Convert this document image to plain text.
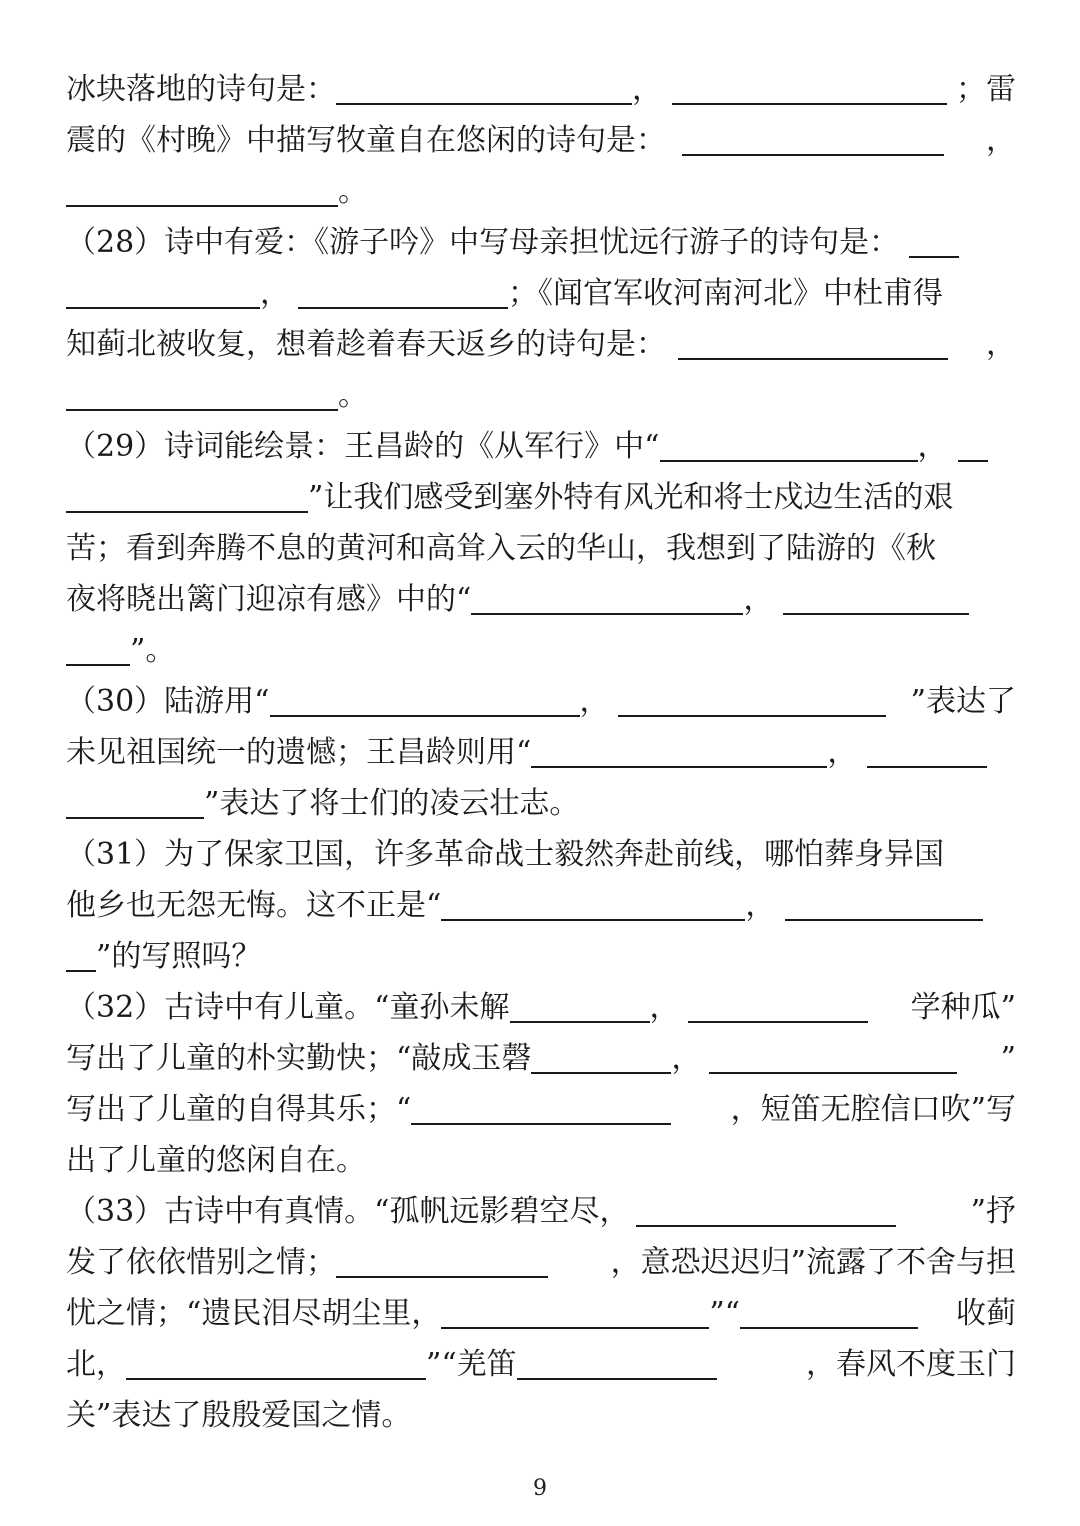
冰块落地的诗句是：	，	；雷
震的《村晚》中描写牧童自在悠闲的诗句是：	，
。
（28）诗中有爱：《游子吟》中写母亲担忧远行游子的诗句是：
，	；《闻官军收河南河北》中杜甫得
知蓟北被收复，想着趁着春天返乡的诗句是：	，
。
（29）诗词能绘景：王昌龄的《从军行》中“	，
”让我们感受到塞外特有风光和将士戍边生活的艰
苦；看到奔腾不息的黄河和高耸入云的华山，我想到了陆游的《秋
夜将晓出篱门迎凉有感》中的“	，
”。
（30）陆游用“	，	”表达了
未见祖国统一的遗憾；王昌龄则用“	，
”表达了将士们的凌云壮志。
（31）为了保家卫国，许多革命战士毅然奔赴前线，哪怕葬身异国
他乡也无怨无悔。这不正是“	，
”的写照吗？
（32）古诗中有儿童。“童孙未解	，	学种瓜”
写出了儿童的朴实勤快；“敲成玉磬	，	”
写出了儿童的自得其乐；“	，短笛无腔信口吹”写
出了儿童的悠闲自在。
（33）古诗中有真情。“孤帆远影碧空尽，	”抒
发了依依惜别之情；	，意恐迟迟归”流露了不舍与担
忧之情；“遗民泪尽胡尘里，	”“	收蓟
北，	”“羌笛	，春风不度玉门
关”表达了殷殷爱国之情。
9
